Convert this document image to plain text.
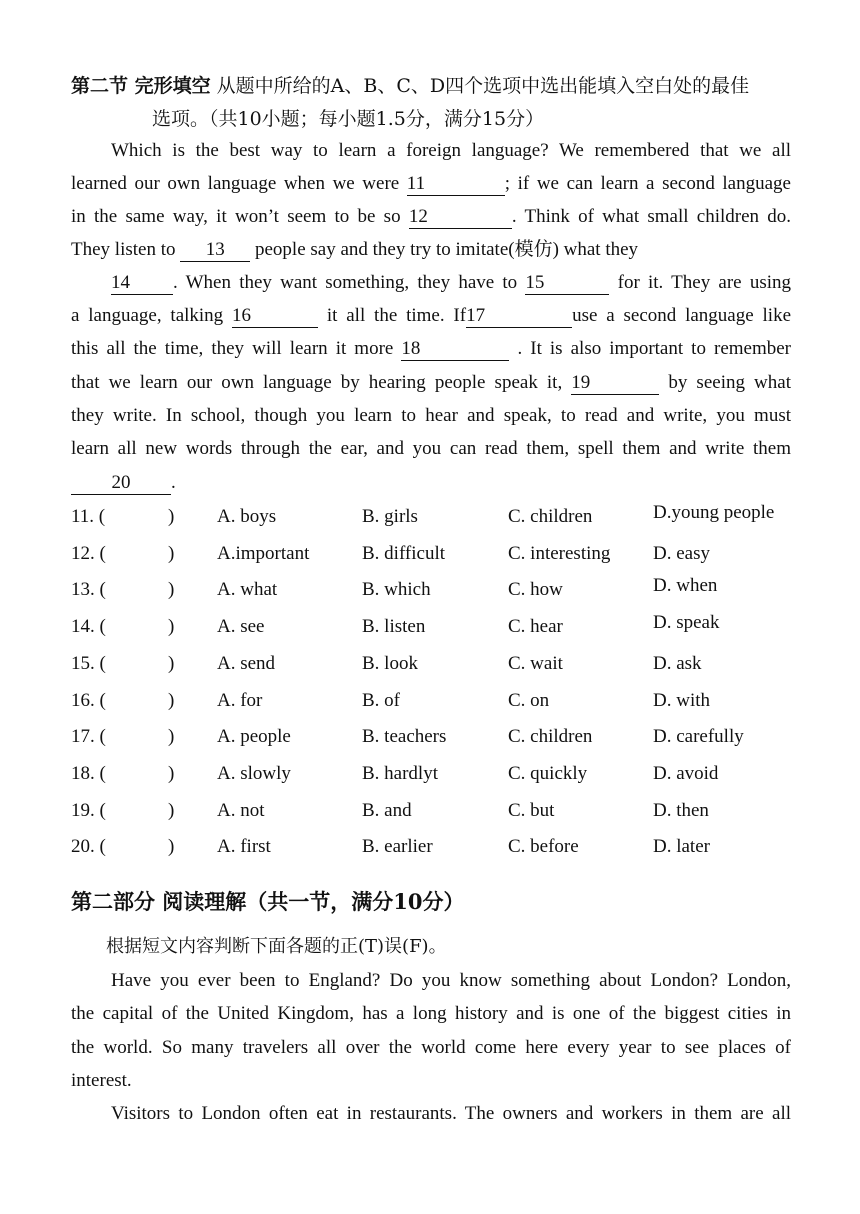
第二节 完形填空 从题中所给的A、B、C、D四个选项中选出能填入空白处的最佳
选项。（共10小题；每小题1.5分，满分15分）
Which is the best way to learn a foreign language? We remembered that we all
learned our own language when we were 11	; if we can learn a second language
in the same way, it won’t seem to be so 12	. Think of what small children do.
They listen to 13 people say and they try to imitate(模仿) what they
14 . When they want something, they have to 15	for it. They are using
a language, talking 16	it all the time. If17	use a second language like
this all the time, they will learn it more 18	. It is also important to remember
that we learn our own language by hearing people speak it, 19	by seeing what
they write. In school, though you learn to hear and speak, to read and write, you must
learn all new words through the ear, and you can read them, spell them and write them
20 .
11. (	) A. boys	B. girls	C. children	D.young people
12. (	) A.important	B. difficult	C. interesting D. easy
13. (	) A. what	B. which	C. how	D. when
14. (	) A. see	B. listen	C. hear	D. speak
15. (	) A. send	B. look	C. wait	D. ask
16. (	) A. for	B. of	C. on	D. with
17. (	) A. people	B. teachers	C. children	D. carefully
18. (	) A. slowly	B. hardlyt	C. quickly	D. avoid
19. (	) A. not	B. and	C. but	D. then
20. (	) A. first	B. earlier	C. before	D. later
第二部分 阅读理解（共一节，满分10分）
根据短文内容判断下面各题的正(T)误(F)。
Have you ever been to England? Do you know something about London? London,
the capital of the United Kingdom, has a long history and is one of the biggest cities in
the world. So many travelers all over the world come here every year to see places of
interest.
Visitors to London often eat in restaurants. The owners and workers in them are all
